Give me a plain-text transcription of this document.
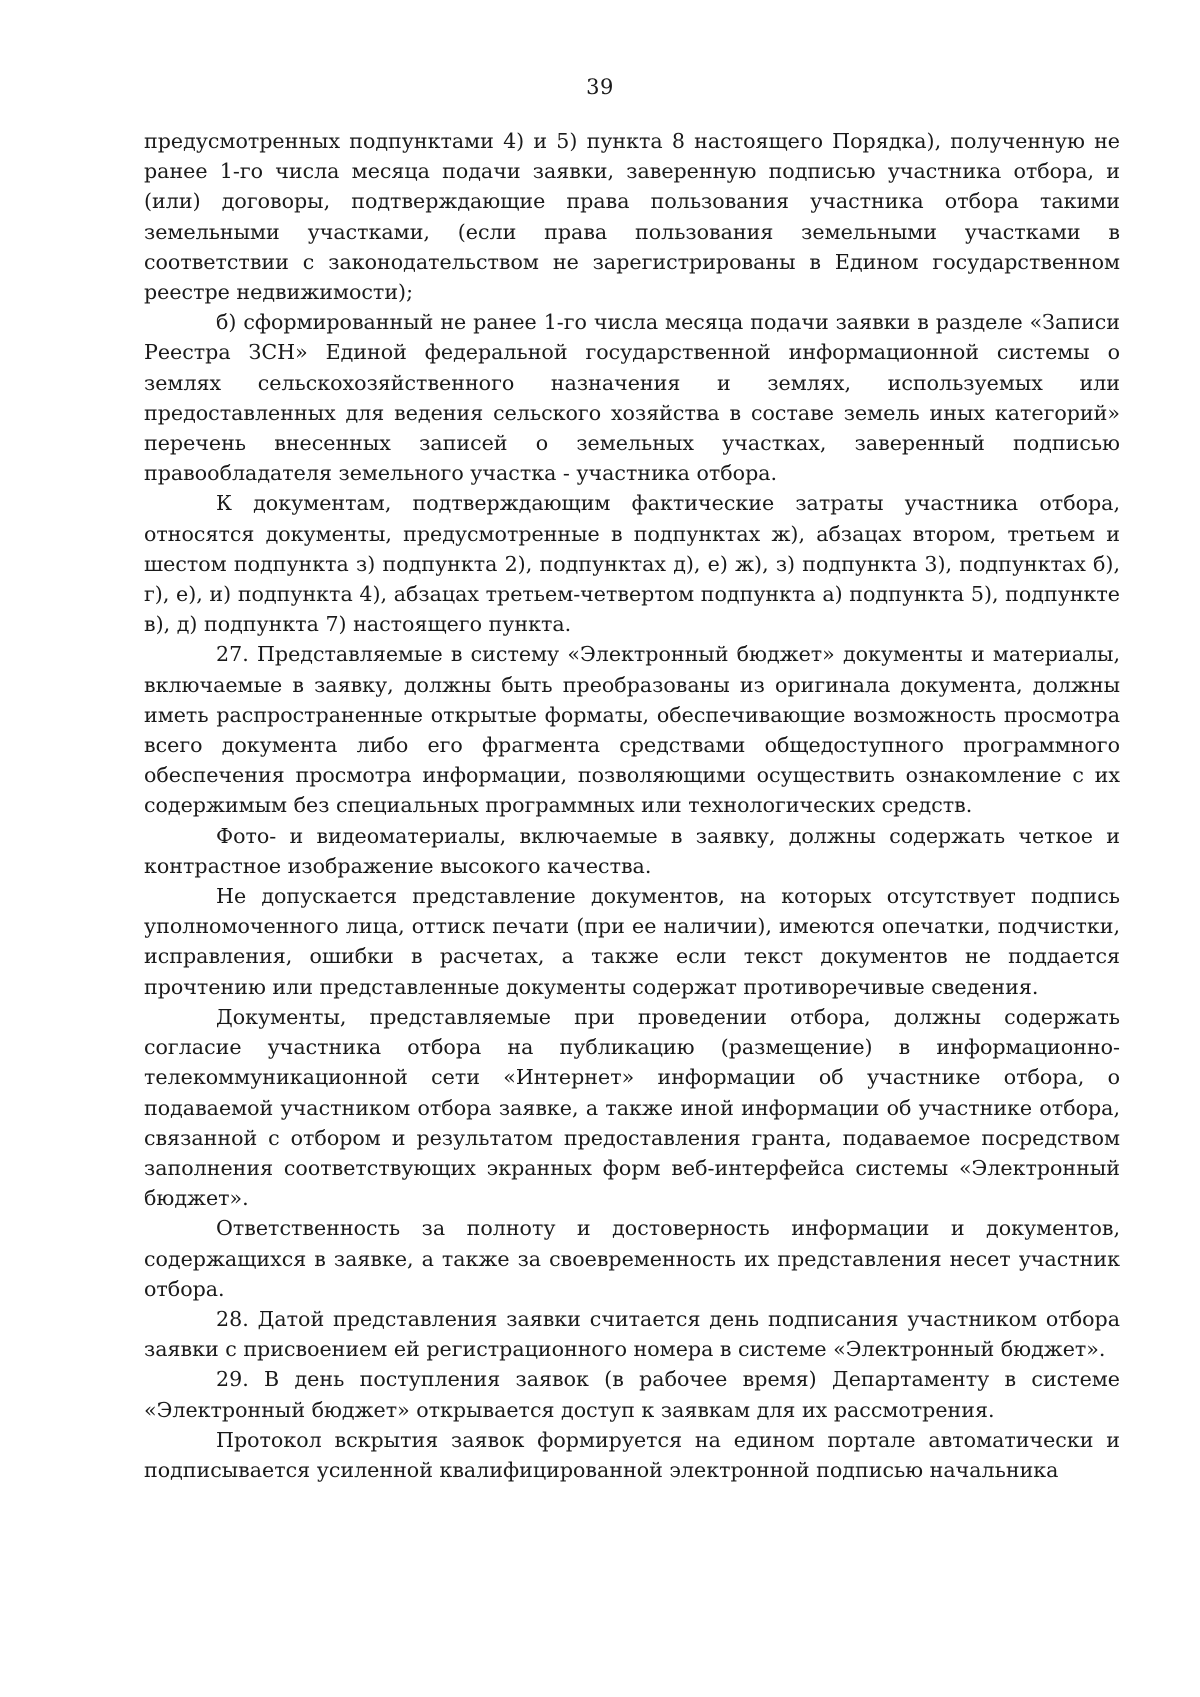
39

предусмотренных подпунктами 4) и 5) пункта 8 настоящего Порядка), полученную не ранее 1-го числа месяца подачи заявки, заверенную подписью участника отбора, и (или) договоры, подтверждающие права пользования участника отбора такими земельными участками, (если права пользования земельными участками в соответствии с законодательством не зарегистрированы в Едином государственном реестре недвижимости);

б) сформированный не ранее 1-го числа месяца подачи заявки в разделе «Записи Реестра ЗСН» Единой федеральной государственной информационной системы о землях сельскохозяйственного назначения и землях, используемых или предоставленных для ведения сельского хозяйства в составе земель иных категорий» перечень внесенных записей о земельных участках, заверенный подписью правообладателя земельного участка - участника отбора.

К документам, подтверждающим фактические затраты участника отбора, относятся документы, предусмотренные в подпунктах ж), абзацах втором, третьем и шестом подпункта з) подпункта 2), подпунктах д), е) ж), з) подпункта 3), подпунктах б), г), е), и) подпункта 4), абзацах третьем-четвертом подпункта а) подпункта 5), подпункте в), д) подпункта 7) настоящего пункта.

27. Представляемые в систему «Электронный бюджет» документы и материалы, включаемые в заявку, должны быть преобразованы из оригинала документа, должны иметь распространенные открытые форматы, обеспечивающие возможность просмотра всего документа либо его фрагмента средствами общедоступного программного обеспечения просмотра информации, позволяющими осуществить ознакомление с их содержимым без специальных программных или технологических средств.

Фото- и видеоматериалы, включаемые в заявку, должны содержать четкое и контрастное изображение высокого качества.

Не допускается представление документов, на которых отсутствует подпись уполномоченного лица, оттиск печати (при ее наличии), имеются опечатки, подчистки, исправления, ошибки в расчетах, а также если текст документов не поддается прочтению или представленные документы содержат противоречивые сведения.

Документы, представляемые при проведении отбора, должны содержать согласие участника отбора на публикацию (размещение) в информационно-телекоммуникационной сети «Интернет» информации об участнике отбора, о подаваемой участником отбора заявке, а также иной информации об участнике отбора, связанной с отбором и результатом предоставления гранта, подаваемое посредством заполнения соответствующих экранных форм веб-интерфейса системы «Электронный бюджет».

Ответственность за полноту и достоверность информации и документов, содержащихся в заявке, а также за своевременность их представления несет участник отбора.

28. Датой представления заявки считается день подписания участником отбора заявки с присвоением ей регистрационного номера в системе «Электронный бюджет».

29. В день поступления заявок (в рабочее время) Департаменту в системе «Электронный бюджет» открывается доступ к заявкам для их рассмотрения.

Протокол вскрытия заявок формируется на едином портале автоматически и подписывается усиленной квалифицированной электронной подписью начальника
